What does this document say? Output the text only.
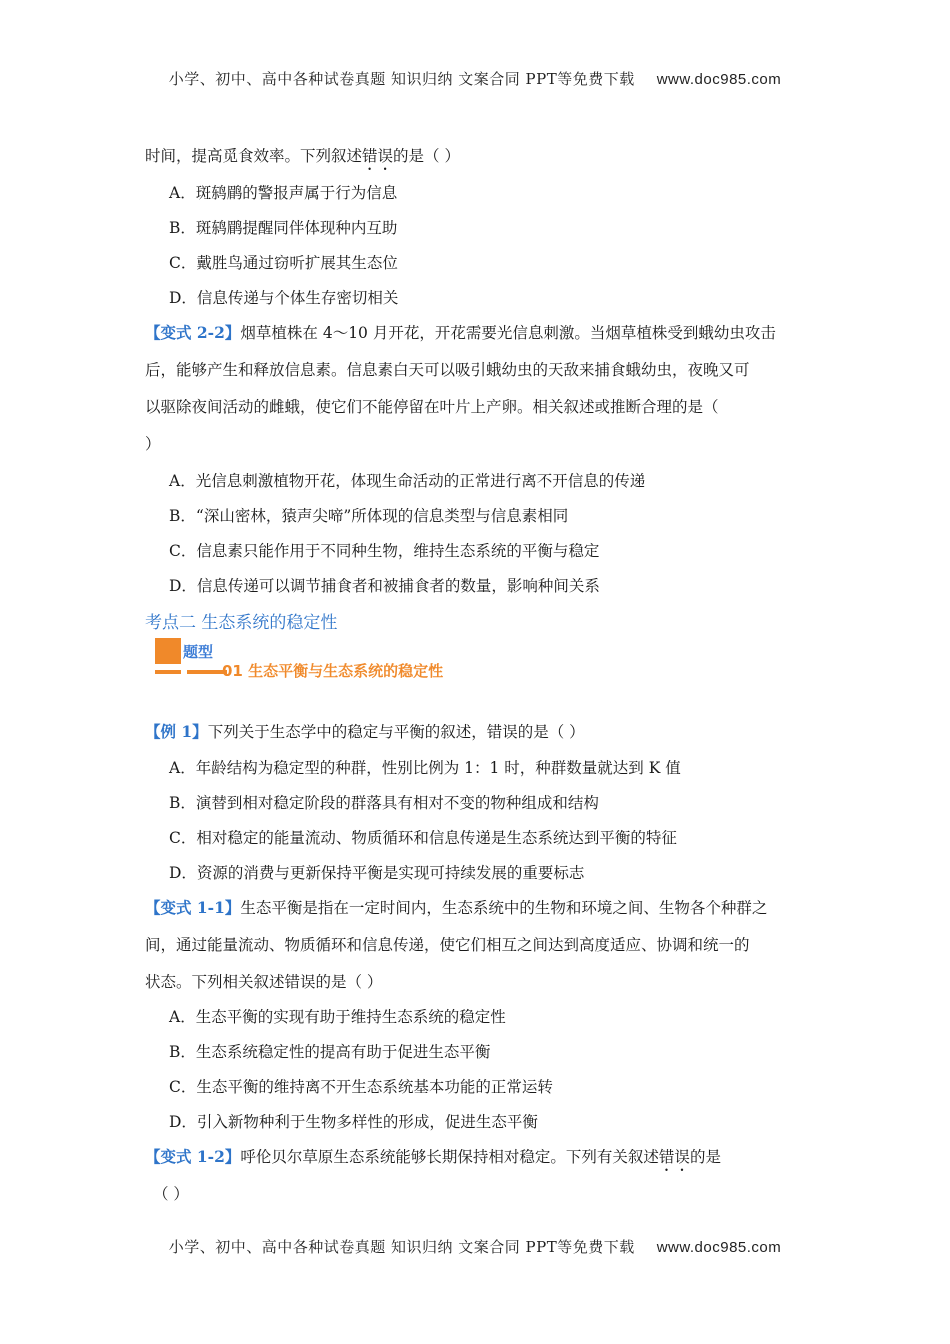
小学、初中、高中各种试卷真题 知识归纳 文案合同 PPT等免费下载 www.doc985.com
时间，提高觅食效率。下列叙述错误的是（ ）
A．斑鸫鹛的警报声属于行为信息
B．斑鸫鹛提醒同伴体现种内互助
C．戴胜鸟通过窃听扩展其生态位
D．信息传递与个体生存密切相关
【变式 2-2】烟草植株在 4～10 月开花，开花需要光信息刺激。当烟草植株受到蛾幼虫攻击
后，能够产生和释放信息素。信息素白天可以吸引蛾幼虫的天敌来捕食蛾幼虫，夜晚又可
以驱除夜间活动的雌蛾，使它们不能停留在叶片上产卵。相关叙述或推断合理的是（
）
A．光信息刺激植物开花，体现生命活动的正常进行离不开信息的传递
B．“深山密林，猿声尖啼”所体现的信息类型与信息素相同
C．信息素只能作用于不同种生物，维持生态系统的平衡与稳定
D．信息传递可以调节捕食者和被捕食者的数量，影响种间关系
考点二 生态系统的稳定性
题型
01 生态平衡与生态系统的稳定性
【例 1】下列关于生态学中的稳定与平衡的叙述，错误的是（ ）
A．年龄结构为稳定型的种群，性别比例为 1：1 时，种群数量就达到 K 值
B．演替到相对稳定阶段的群落具有相对不变的物种组成和结构
C．相对稳定的能量流动、物质循环和信息传递是生态系统达到平衡的特征
D．资源的消费与更新保持平衡是实现可持续发展的重要标志
【变式 1-1】生态平衡是指在一定时间内，生态系统中的生物和环境之间、生物各个种群之
间，通过能量流动、物质循环和信息传递，使它们相互之间达到高度适应、协调和统一的
状态。下列相关叙述错误的是（ ）
A．生态平衡的实现有助于维持生态系统的稳定性
B．生态系统稳定性的提高有助于促进生态平衡
C．生态平衡的维持离不开生态系统基本功能的正常运转
D．引入新物种利于生物多样性的形成，促进生态平衡
【变式 1-2】呼伦贝尔草原生态系统能够长期保持相对稳定。下列有关叙述错误的是
（ ）
小学、初中、高中各种试卷真题 知识归纳 文案合同 PPT等免费下载 www.doc985.com
